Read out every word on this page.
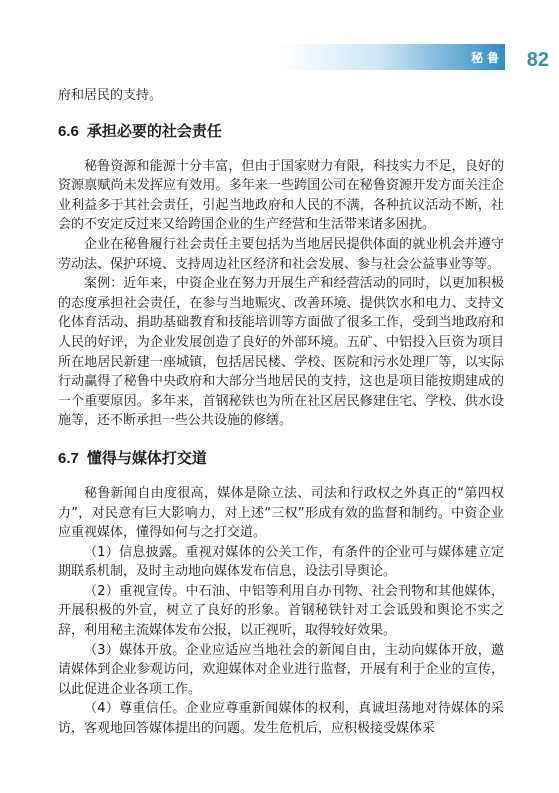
秘鲁 82

府和居民的支持。

6.6 承担必要的社会责任

秘鲁资源和能源十分丰富，但由于国家财力有限，科技实力不足，良好的资源禀赋尚未发挥应有效用。多年来一些跨国公司在秘鲁资源开发方面关注企业利益多于其社会责任，引起当地政府和人民的不满，各种抗议活动不断，社会的不安定反过来又给跨国企业的生产经营和生活带来诸多困扰。

企业在秘鲁履行社会责任主要包括为当地居民提供体面的就业机会并遵守劳动法、保护环境、支持周边社区经济和社会发展、参与社会公益事业等等。

案例：近年来，中资企业在努力开展生产和经营活动的同时，以更加积极的态度承担社会责任，在参与当地赈灾、改善环境、提供饮水和电力、支持文化体育活动、捐助基础教育和技能培训等方面做了很多工作，受到当地政府和人民的好评，为企业发展创造了良好的外部环境。五矿、中铝投入巨资为项目所在地居民新建一座城镇，包括居民楼、学校、医院和污水处理厂等，以实际行动赢得了秘鲁中央政府和大部分当地居民的支持，这也是项目能按期建成的一个重要原因。多年来，首钢秘铁也为所在社区居民修建住宅、学校、供水设施等，还不断承担一些公共设施的修缮。

6.7 懂得与媒体打交道

秘鲁新闻自由度很高，媒体是除立法、司法和行政权之外真正的“第四权力”，对民意有巨大影响力，对上述“三权”形成有效的监督和制约。中资企业应重视媒体，懂得如何与之打交道。

（1）信息披露。重视对媒体的公关工作，有条件的企业可与媒体建立定期联系机制，及时主动地向媒体发布信息，设法引导舆论。

（2）重视宣传。中石油、中铝等利用自办刊物、社会刊物和其他媒体，开展积极的外宣，树立了良好的形象。首钢秘铁针对工会诋毁和舆论不实之辞，利用秘主流媒体发布公报，以正视听，取得较好效果。

（3）媒体开放。企业应适应当地社会的新闻自由，主动向媒体开放，邀请媒体到企业参观访问，欢迎媒体对企业进行监督，开展有利于企业的宣传，以此促进企业各项工作。

（4）尊重信任。企业应尊重新闻媒体的权利，真诚坦荡地对待媒体的采访，客观地回答媒体提出的问题。发生危机后，应积极接受媒体采
